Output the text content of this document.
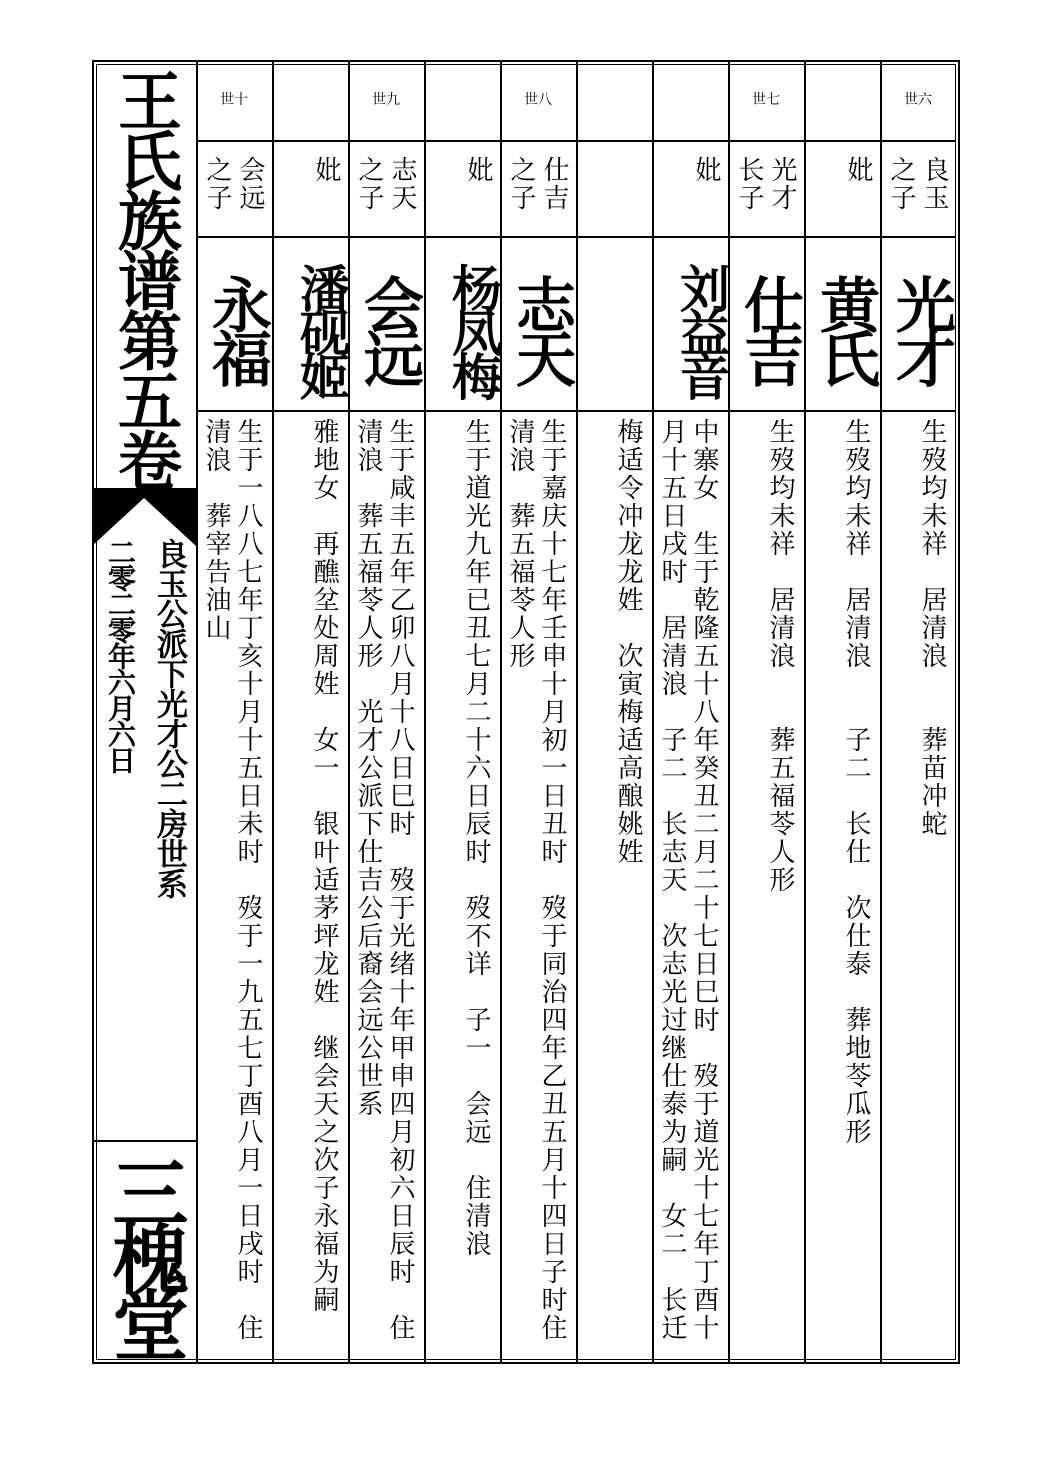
世六
良玉之子
光才
生歿均未祥　居清浪　　葬苗冲蛇
妣
黄氏
生歿均未祥　居清浪　　子二　长仕　次仕泰　葬地苓瓜形
世七
光才长子
仕吉
生歿均未祥　居清浪　　葬五福苓人形
妣
刘益音
中寨女　生于乾隆五十八年癸丑二月二十七日巳时　歿于道光十七年丁酉十月十五日戌时　居清浪　子二　长志天　次志光过继仕泰为嗣　女二　长迁
梅适令冲龙龙姓　次寅梅适高酿姚姓
世八
仕吉之子
志天
生于嘉庆十七年壬申十月初一日丑时　歿于同治四年乙丑五月十四日子时住清浪　葬五福苓人形
妣
杨凤梅
生于道光九年已丑七月二十六日辰时　歿不详　子一　会远　住清浪
世九
志天之子
会远
生于咸丰五年乙卯八月十八日巳时　歿于光绪十年甲申四月初六日辰时　住清浪　葬五福苓人形　光才公派下仕吉公后裔会远公世系
妣
潘砚姬
雅地女　再醮坌处周姓　女一　银叶适茅坪龙姓　继会天之次子永福为嗣
世十
会远之子
永福
生于一八八七年丁亥十月十五日未时　歿于一九五七丁酉八月一日戌时　住清浪　葬宰告油山
王氏族谱第五卷
良玉公派下光才公二房世系
二零二零年六月六日
三槐堂
